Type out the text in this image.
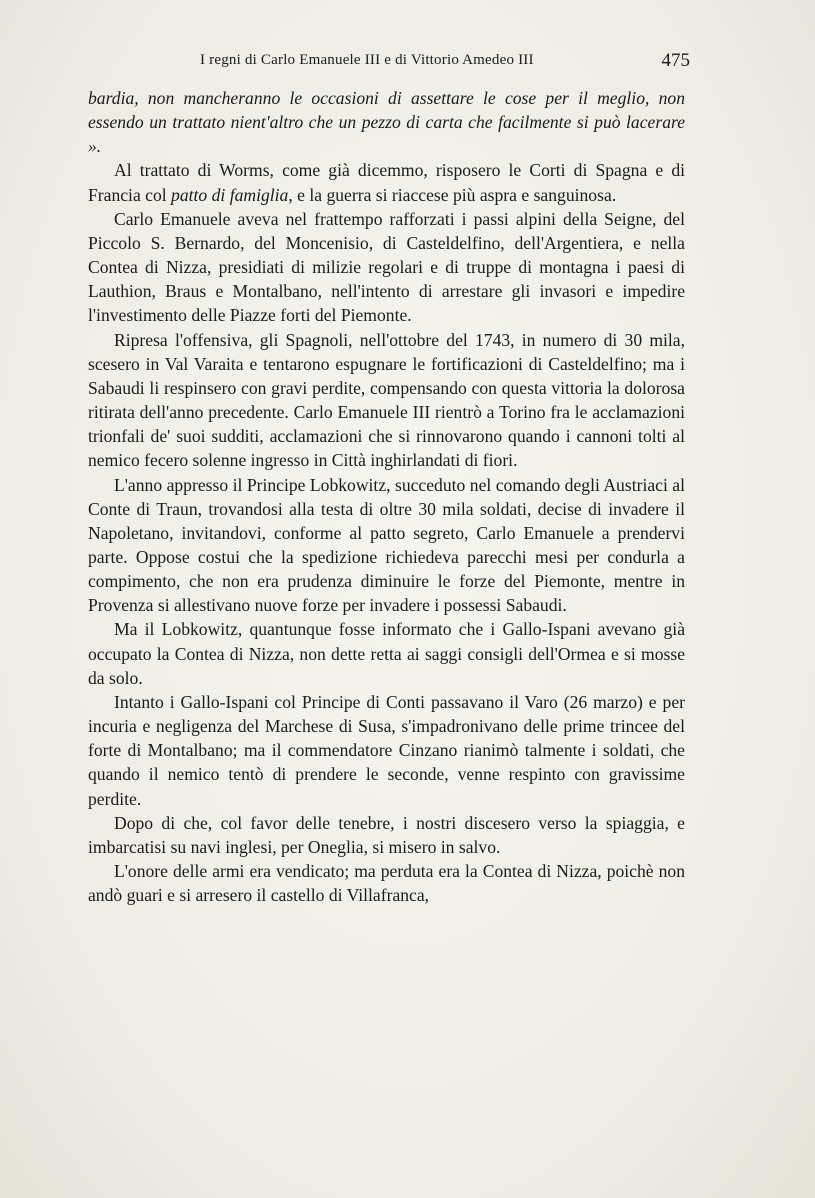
I regni di Carlo Emanuele III e di Vittorio Amedeo III	475

bardia, non mancheranno le occasioni di assettare le cose per il meglio, non essendo un trattato nient'altro che un pezzo di carta che facilmente si può lacerare ».

Al trattato di Worms, come già dicemmo, risposero le Corti di Spagna e di Francia col patto di famiglia, e la guerra si riaccese più aspra e sanguinosa.

Carlo Emanuele aveva nel frattempo rafforzati i passi alpini della Seigne, del Piccolo S. Bernardo, del Moncenisio, di Casteldelfino, dell'Argentiera, e nella Contea di Nizza, presidiati di milizie regolari e di truppe di montagna i paesi di Lauthion, Braus e Montalbano, nell'intento di arrestare gli invasori e impedire l'investimento delle Piazze forti del Piemonte.

Ripresa l'offensiva, gli Spagnoli, nell'ottobre del 1743, in numero di 30 mila, scesero in Val Varaita e tentarono espugnare le fortificazioni di Casteldelfino; ma i Sabaudi li respinsero con gravi perdite, compensando con questa vittoria la dolorosa ritirata dell'anno precedente. Carlo Emanuele III rientrò a Torino fra le acclamazioni trionfali de' suoi sudditi, acclamazioni che si rinnovarono quando i cannoni tolti al nemico fecero solenne ingresso in Città inghirlandati di fiori.

L'anno appresso il Principe Lobkowitz, succeduto nel comando degli Austriaci al Conte di Traun, trovandosi alla testa di oltre 30 mila soldati, decise di invadere il Napoletano, invitandovi, conforme al patto segreto, Carlo Emanuele a prendervi parte. Oppose costui che la spedizione richiedeva parecchi mesi per condurla a compimento, che non era prudenza diminuire le forze del Piemonte, mentre in Provenza si allestivano nuove forze per invadere i possessi Sabaudi.

Ma il Lobkowitz, quantunque fosse informato che i Gallo-Ispani avevano già occupato la Contea di Nizza, non dette retta ai saggi consigli dell'Ormea e si mosse da solo.

Intanto i Gallo-Ispani col Principe di Conti passavano il Varo (26 marzo) e per incuria e negligenza del Marchese di Susa, s'impadronivano delle prime trincee del forte di Montalbano; ma il commendatore Cinzano rianimò talmente i soldati, che quando il nemico tentò di prendere le seconde, venne respinto con gravissime perdite.

Dopo di che, col favor delle tenebre, i nostri discesero verso la spiaggia, e imbarcatisi su navi inglesi, per Oneglia, si misero in salvo.

L'onore delle armi era vendicato; ma perduta era la Contea di Nizza, poichè non andò guari e si arresero il castello di Villafranca,
